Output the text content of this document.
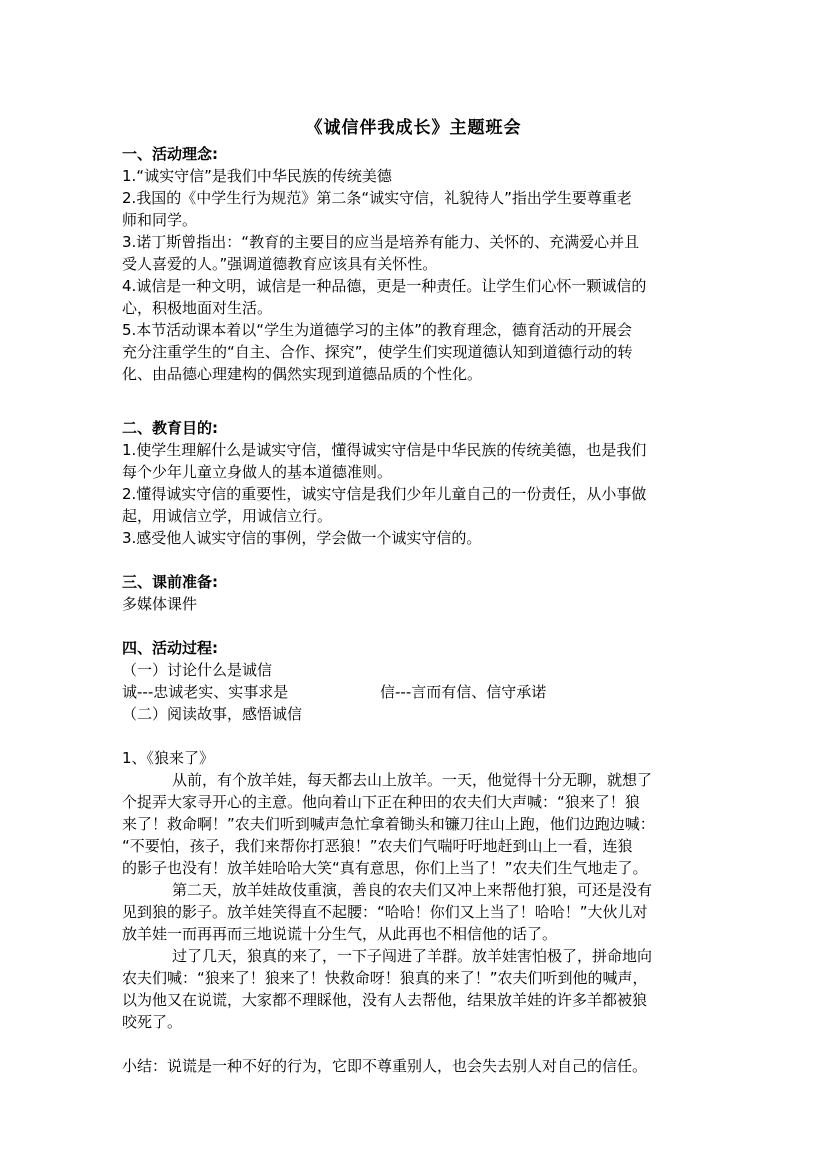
《诚信伴我成长》主题班会
一、活动理念:
1.“诚实守信”是我们中华民族的传统美德
2.我国的《中学生行为规范》第二条“诚实守信，礼貌待人”指出学生要尊重老
师和同学。
3.诺丁斯曾指出：“教育的主要目的应当是培养有能力、关怀的、充满爱心并且
受人喜爱的人。”强调道德教育应该具有关怀性。
4.诚信是一种文明，诚信是一种品德，更是一种责任。让学生们心怀一颗诚信的
心，积极地面对生活。
5.本节活动课本着以“学生为道德学习的主体”的教育理念，德育活动的开展会
充分注重学生的“自主、合作、探究”，使学生们实现道德认知到道德行动的转
化、由品德心理建构的偶然实现到道德品质的个性化。
二、教育目的:
1.使学生理解什么是诚实守信，懂得诚实守信是中华民族的传统美德，也是我们
每个少年儿童立身做人的基本道德准则。
2.懂得诚实守信的重要性，诚实守信是我们少年儿童自己的一份责任，从小事做
起，用诚信立学，用诚信立行。
3.感受他人诚实守信的事例，学会做一个诚实守信的。
三、课前准备:
多媒体课件
四、活动过程:
（一）讨论什么是诚信
诚---忠诚老实、实事求是	信---言而有信、信守承诺
（二）阅读故事，感悟诚信
1、《狼来了》
从前，有个放羊娃，每天都去山上放羊。一天，他觉得十分无聊，就想了
个捉弄大家寻开心的主意。他向着山下正在种田的农夫们大声喊：“狼来了！狼
来了！救命啊！”农夫们听到喊声急忙拿着锄头和镰刀往山上跑，他们边跑边喊：
“不要怕，孩子，我们来帮你打恶狼！”农夫们气喘吁吁地赶到山上一看，连狼
的影子也没有！放羊娃哈哈大笑“真有意思，你们上当了！”农夫们生气地走了。
第二天，放羊娃故伎重演，善良的农夫们又冲上来帮他打狼，可还是没有
见到狼的影子。放羊娃笑得直不起腰：“哈哈！你们又上当了！哈哈！”大伙儿对
放羊娃一而再再而三地说谎十分生气，从此再也不相信他的话了。
过了几天，狼真的来了，一下子闯进了羊群。放羊娃害怕极了，拼命地向
农夫们喊：“狼来了！狼来了！快救命呀！狼真的来了！”农夫们听到他的喊声，
以为他又在说谎，大家都不理睬他，没有人去帮他，结果放羊娃的许多羊都被狼
咬死了。
小结：说谎是一种不好的行为，它即不尊重别人，也会失去别人对自己的信任。
